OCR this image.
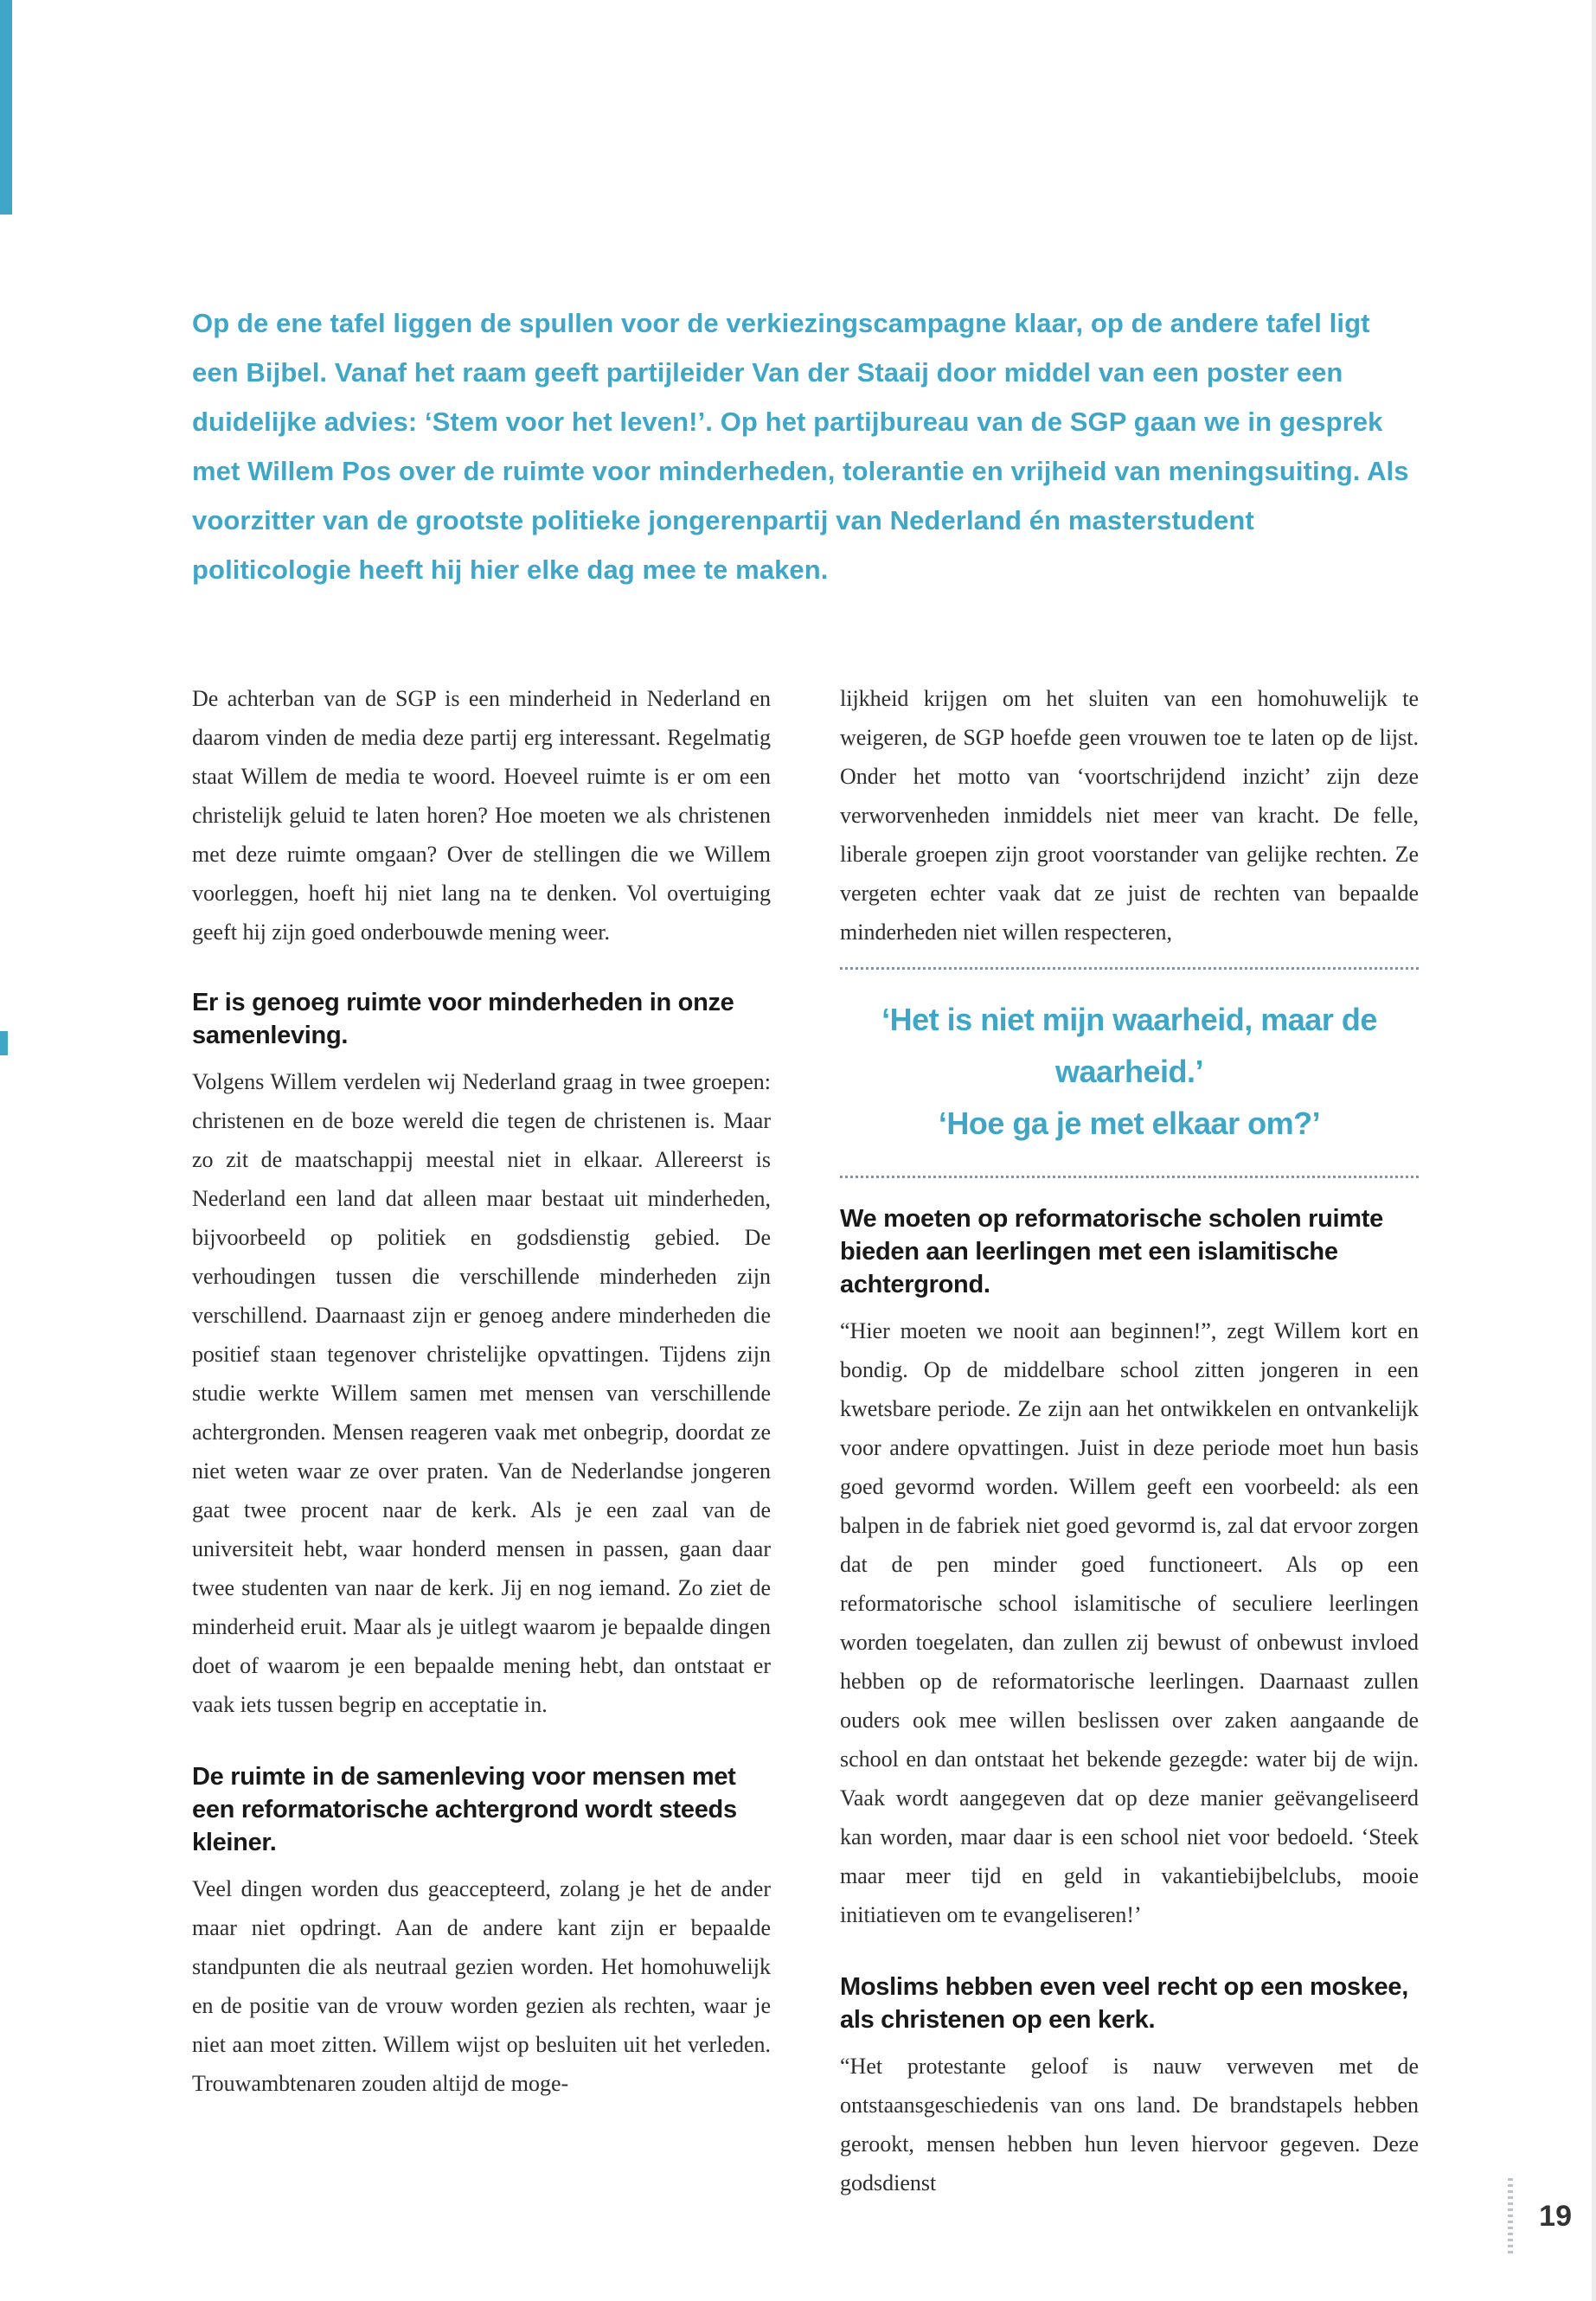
Op de ene tafel liggen de spullen voor de verkiezingscampagne klaar, op de andere tafel ligt een Bijbel. Vanaf het raam geeft partijleider Van der Staaij door middel van een poster een duidelijke advies: ‘Stem voor het leven!’. Op het partijbureau van de SGP gaan we in gesprek met Willem Pos over de ruimte voor minderheden, tolerantie en vrijheid van meningsuiting. Als voorzitter van de grootste politieke jongerenpartij van Nederland én masterstudent politicologie heeft hij hier elke dag mee te maken.

De achterban van de SGP is een minderheid in Nederland en daarom vinden de media deze partij erg interessant. Regelmatig staat Willem de media te woord. Hoeveel ruimte is er om een christelijk geluid te laten horen? Hoe moeten we als christenen met deze ruimte omgaan? Over de stellingen die we Willem voorleggen, hoeft hij niet lang na te denken. Vol overtuiging geeft hij zijn goed onderbouwde mening weer.

Er is genoeg ruimte voor minderheden in onze samenleving.

Volgens Willem verdelen wij Nederland graag in twee groepen: christenen en de boze wereld die tegen de christenen is. Maar zo zit de maatschappij meestal niet in elkaar. Allereerst is Nederland een land dat alleen maar bestaat uit minderheden, bijvoorbeeld op politiek en godsdienstig gebied. De verhoudingen tussen die verschillende minderheden zijn verschillend. Daarnaast zijn er genoeg andere minderheden die positief staan tegenover christelijke opvattingen. Tijdens zijn studie werkte Willem samen met mensen van verschillende achtergronden. Mensen reageren vaak met onbegrip, doordat ze niet weten waar ze over praten. Van de Nederlandse jongeren gaat twee procent naar de kerk. Als je een zaal van de universiteit hebt, waar honderd mensen in passen, gaan daar twee studenten van naar de kerk. Jij en nog iemand. Zo ziet de minderheid eruit. Maar als je uitlegt waarom je bepaalde dingen doet of waarom je een bepaalde mening hebt, dan ontstaat er vaak iets tussen begrip en acceptatie in.

De ruimte in de samenleving voor mensen met een reformatorische achtergrond wordt steeds kleiner.

Veel dingen worden dus geaccepteerd, zolang je het de ander maar niet opdringt. Aan de andere kant zijn er bepaalde standpunten die als neutraal gezien worden. Het homohuwelijk en de positie van de vrouw worden gezien als rechten, waar je niet aan moet zitten. Willem wijst op besluiten uit het verleden. Trouwambtenaren zouden altijd de moge-

lijkheid krijgen om het sluiten van een homohuwelijk te weigeren, de SGP hoefde geen vrouwen toe te laten op de lijst. Onder het motto van ‘voortschrijdend inzicht’ zijn deze verworvenheden inmiddels niet meer van kracht. De felle, liberale groepen zijn groot voorstander van gelijke rechten. Ze vergeten echter vaak dat ze juist de rechten van bepaalde minderheden niet willen respecteren,

‘Het is niet mijn waarheid, maar de waarheid.’
‘Hoe ga je met elkaar om?’
We moeten op reformatorische scholen ruimte bieden aan leerlingen met een islamitische achtergrond.

“Hier moeten we nooit aan beginnen!”, zegt Willem kort en bondig. Op de middelbare school zitten jongeren in een kwetsbare periode. Ze zijn aan het ontwikkelen en ontvankelijk voor andere opvattingen. Juist in deze periode moet hun basis goed gevormd worden. Willem geeft een voorbeeld: als een balpen in de fabriek niet goed gevormd is, zal dat ervoor zorgen dat de pen minder goed functioneert. Als op een reformatorische school islamitische of seculiere leerlingen worden toegelaten, dan zullen zij bewust of onbewust invloed hebben op de reformatorische leerlingen. Daarnaast zullen ouders ook mee willen beslissen over zaken aangaande de school en dan ontstaat het bekende gezegde: water bij de wijn. Vaak wordt aangegeven dat op deze manier geëvangeliseerd kan worden, maar daar is een school niet voor bedoeld. ‘Steek maar meer tijd en geld in vakantiebijbelclubs, mooie initiatieven om te evangeliseren!’

Moslims hebben even veel recht op een moskee, als christenen op een kerk.

“Het protestante geloof is nauw verweven met de ontstaansgeschiedenis van ons land. De brandstapels hebben gerookt, mensen hebben hun leven hiervoor gegeven. Deze godsdienst

19
